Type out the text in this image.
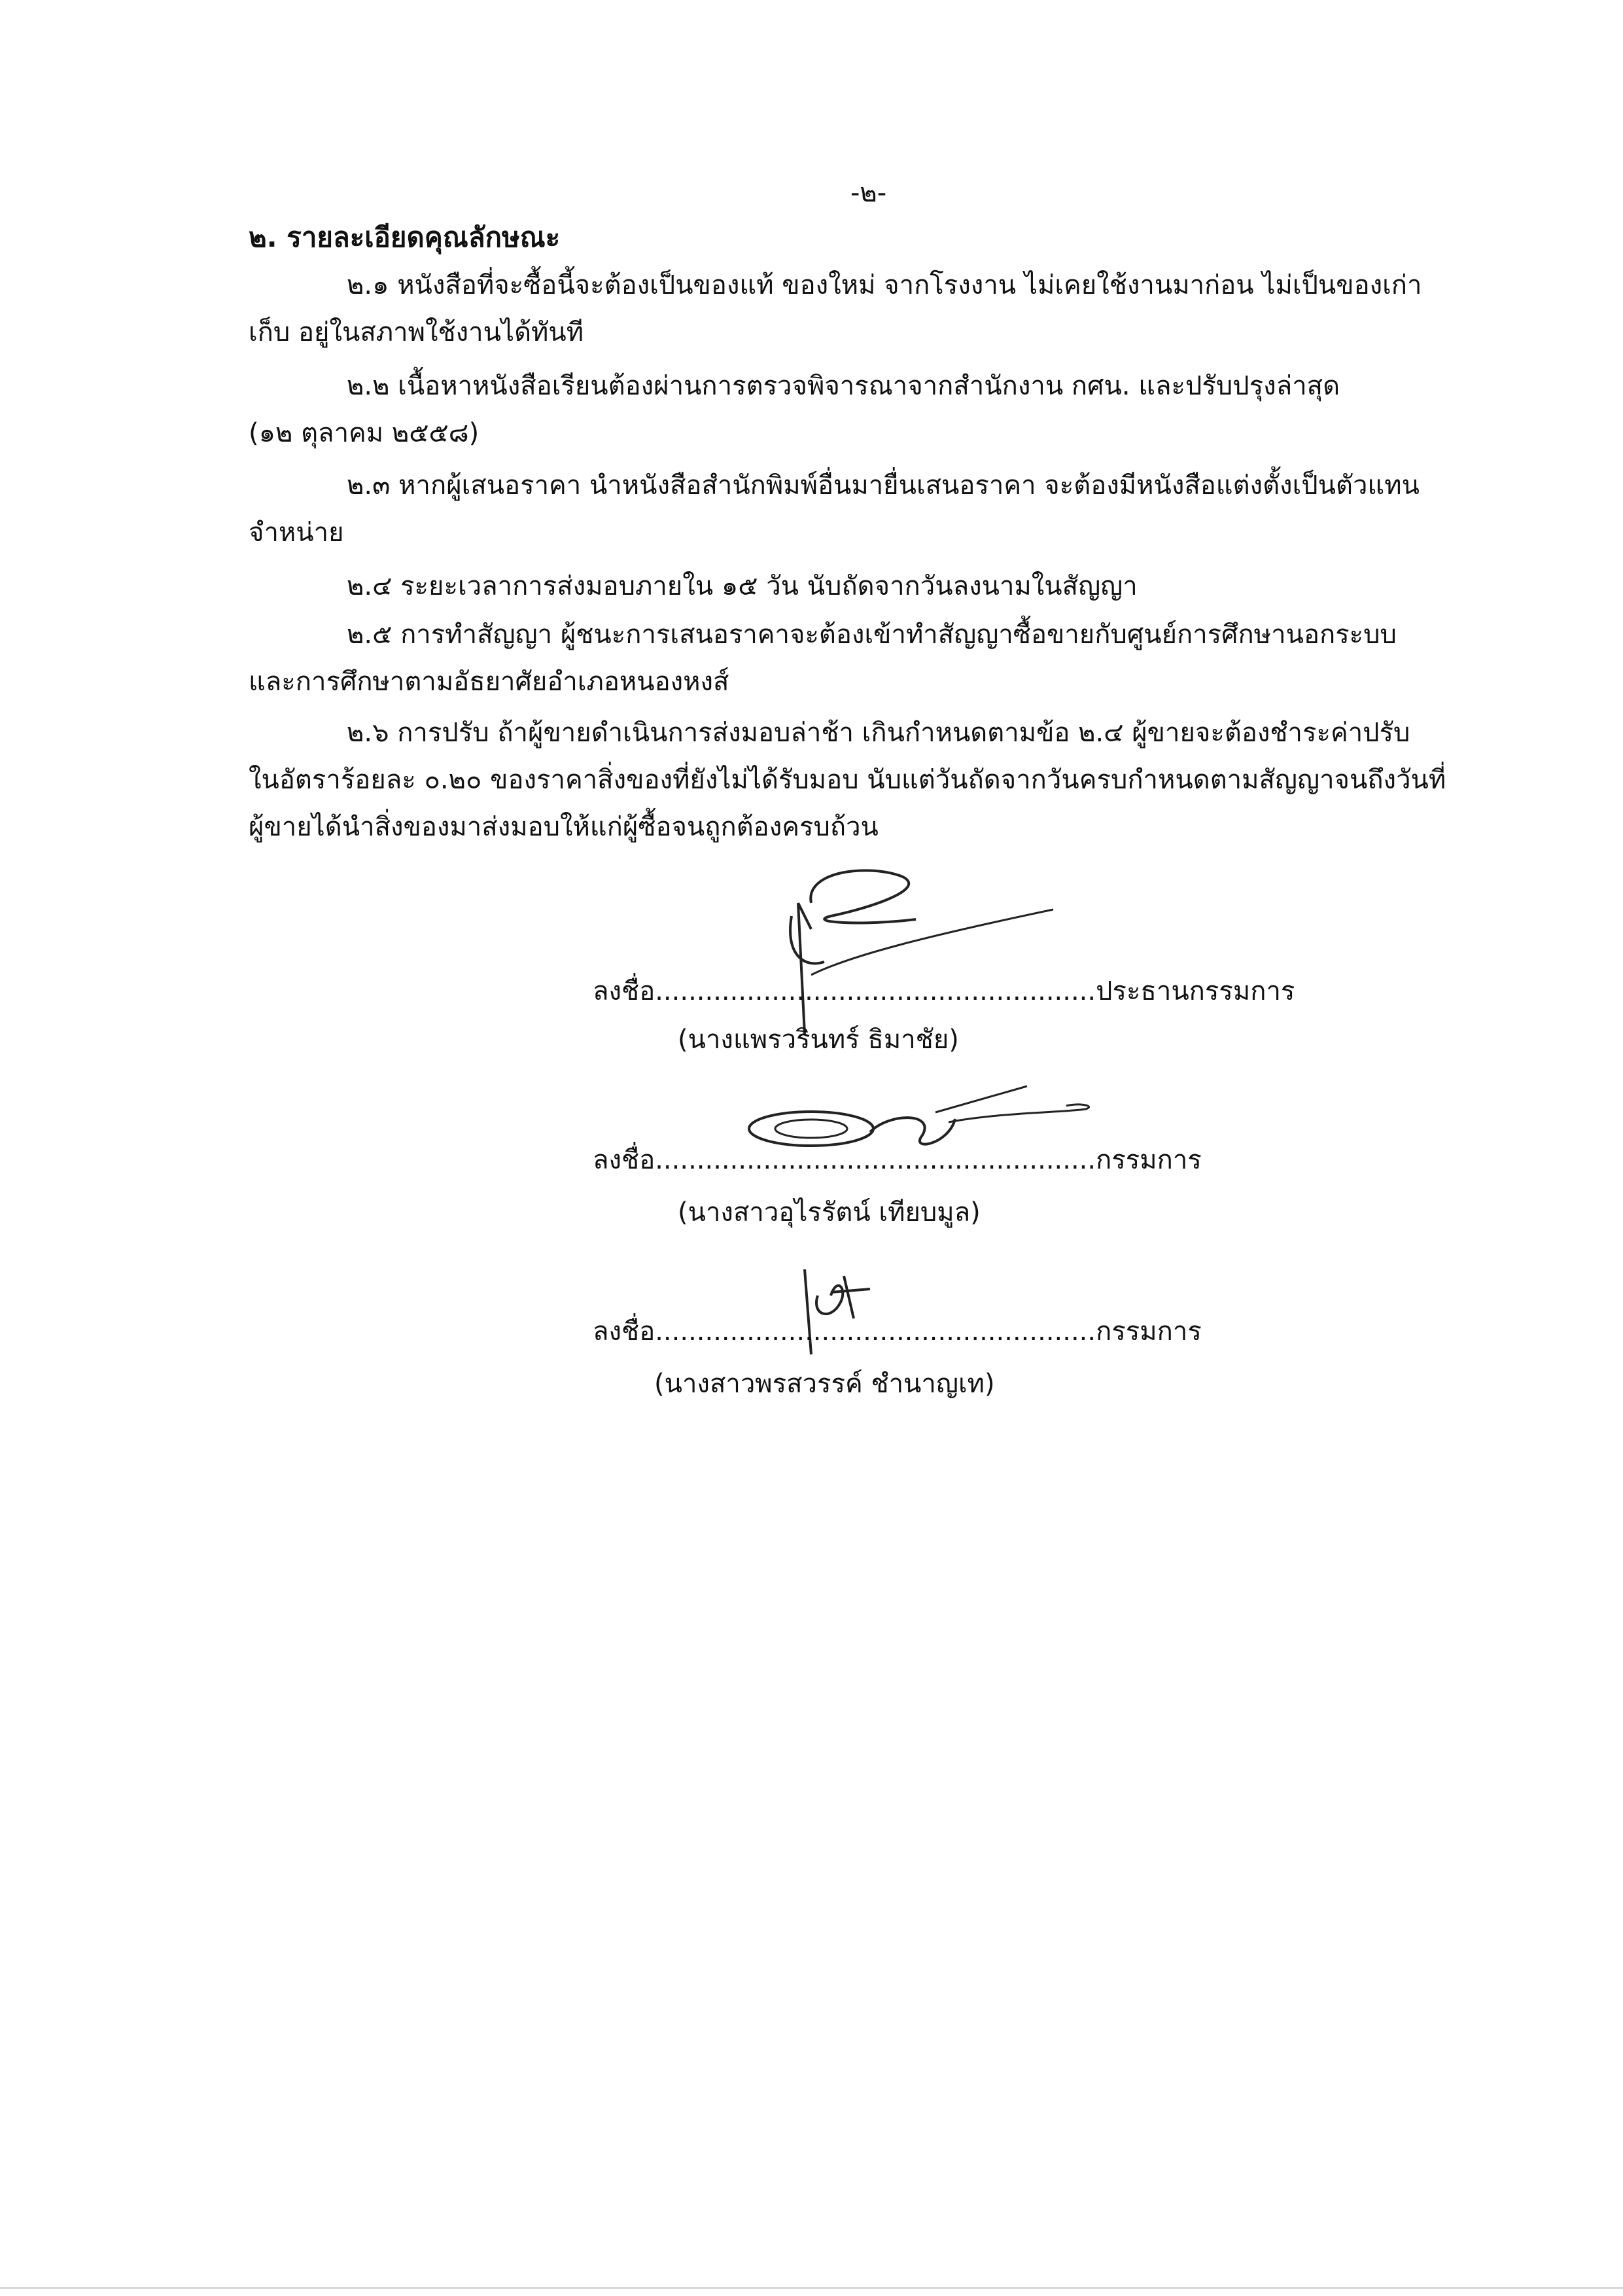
-๒-
๒. รายละเอียดคุณลักษณะ
๒.๑ หนังสือที่จะซื้อนี้จะต้องเป็นของแท้ ของใหม่ จากโรงงาน ไม่เคยใช้งานมาก่อน ไม่เป็นของเก่า
เก็บ อยู่ในสภาพใช้งานได้ทันที
๒.๒ เนื้อหาหนังสือเรียนต้องผ่านการตรวจพิจารณาจากสำนักงาน กศน. และปรับปรุงล่าสุด
(๑๒ ตุลาคม ๒๕๕๘)
๒.๓ หากผู้เสนอราคา นำหนังสือสำนักพิมพ์อื่นมายื่นเสนอราคา จะต้องมีหนังสือแต่งตั้งเป็นตัวแทน
จำหน่าย
๒.๔ ระยะเวลาการส่งมอบภายใน ๑๕ วัน นับถัดจากวันลงนามในสัญญา
๒.๕ การทำสัญญา ผู้ชนะการเสนอราคาจะต้องเข้าทำสัญญาซื้อขายกับศูนย์การศึกษานอกระบบ
และการศึกษาตามอัธยาศัยอำเภอหนองหงส์
๒.๖ การปรับ ถ้าผู้ขายดำเนินการส่งมอบล่าช้า เกินกำหนดตามข้อ ๒.๔ ผู้ขายจะต้องชำระค่าปรับ
ในอัตราร้อยละ ๐.๒๐ ของราคาสิ่งของที่ยังไม่ได้รับมอบ นับแต่วันถัดจากวันครบกำหนดตามสัญญาจนถึงวันที่
ผู้ขายได้นำสิ่งของมาส่งมอบให้แก่ผู้ซื้อจนถูกต้องครบถ้วน
ลงชื่อ.....................................................ประธานกรรมการ
(นางแพรวรินทร์ ธิมาชัย)
ลงชื่อ.....................................................กรรมการ
(นางสาวอุไรรัตน์ เทียบมูล)
ลงชื่อ.....................................................กรรมการ
(นางสาวพรสวรรค์ ชำนาญเท)
